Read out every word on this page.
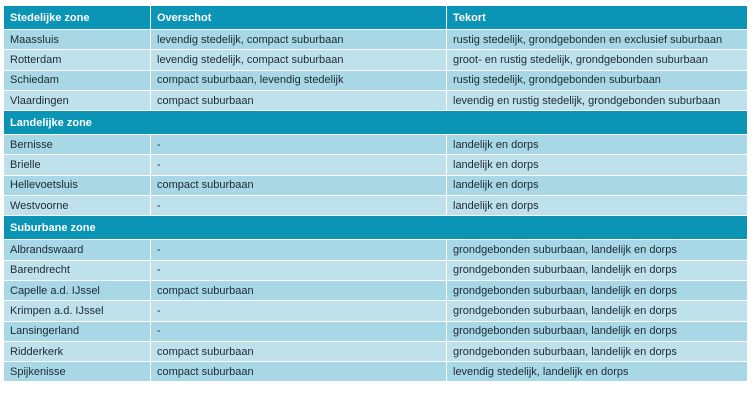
Stedelijke zone	Overschot	Tekort
Maassluis	levendig stedelijk, compact suburbaan	rustig stedelijk, grondgebonden en exclusief suburbaan
Rotterdam	levendig stedelijk, compact suburbaan	groot- en rustig stedelijk, grondgebonden suburbaan
Schiedam	compact suburbaan, levendig stedelijk	rustig stedelijk, grondgebonden suburbaan
Vlaardingen	compact suburbaan	levendig en rustig stedelijk, grondgebonden suburbaan
Landelijke zone
Bernisse	-	landelijk en dorps
Brielle	-	landelijk en dorps
Hellevoetsluis	compact suburbaan	landelijk en dorps
Westvoorne	-	landelijk en dorps
Suburbane zone
Albrandswaard	-	grondgebonden suburbaan, landelijk en dorps
Barendrecht	-	grondgebonden suburbaan, landelijk en dorps
Capelle a.d. IJssel	compact suburbaan	grondgebonden suburbaan, landelijk en dorps
Krimpen a.d. IJssel	-	grondgebonden suburbaan, landelijk en dorps
Lansingerland	-	grondgebonden suburbaan, landelijk en dorps
Ridderkerk	compact suburbaan	grondgebonden suburbaan, landelijk en dorps
Spijkenisse	compact suburbaan	levendig stedelijk, landelijk en dorps
